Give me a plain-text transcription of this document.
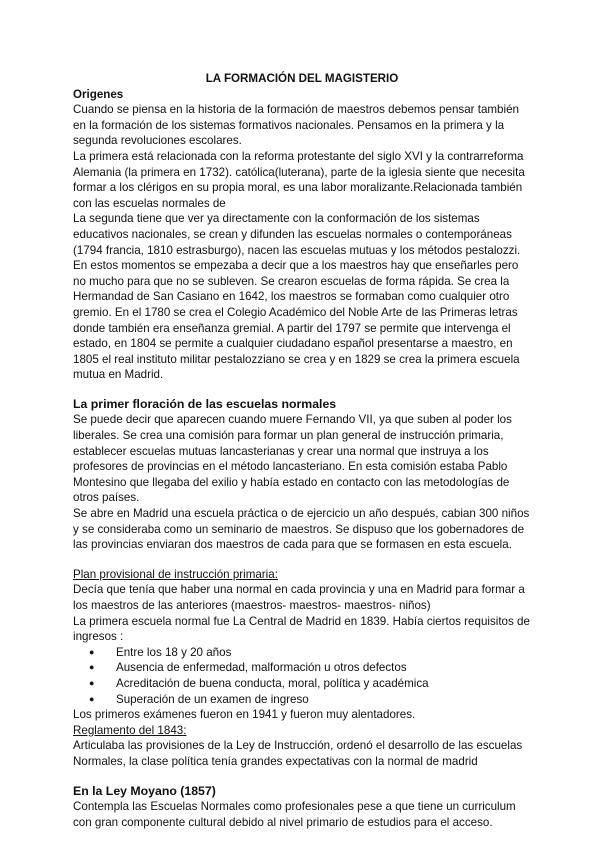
LA FORMACIÓN DEL MAGISTERIO

Origenes

Cuando se piensa en la historia de la formación de maestros debemos pensar también en la formación de los sistemas formativos nacionales. Pensamos en la primera y la segunda revoluciones escolares.

La primera está relacionada con la reforma protestante del siglo XVI y la contrarreforma Alemania (la primera en 1732). católica(luterana), parte de la iglesia siente que necesita formar a los clérigos en su propia moral, es una labor moralizante.Relacionada también con las escuelas normales de

La segunda tiene que ver ya directamente con la conformación de los sistemas educativos nacionales, se crean y difunden las escuelas normales o contemporáneas (1794 francia, 1810 estrasburgo), nacen las escuelas mutuas y los métodos pestalozzi.

En estos momentos se empezaba a decir que a los maestros hay que enseñarles pero no mucho para que no se subleven. Se crearon escuelas de forma rápida. Se crea la Hermandad de San Casiano en 1642, los maestros se formaban como cualquier otro gremio. En el 1780 se crea el Colegio Académico del Noble Arte de las Primeras letras donde también era enseñanza gremial. A partir del 1797 se permite que intervenga el estado, en 1804 se permite a cualquier ciudadano español presentarse a maestro, en 1805 el real instituto militar pestalozziano se crea y en 1829 se crea la primera escuela mutua en Madrid.

La primer floración de las escuelas normales

Se puede decir que aparecen cuando muere Fernando VII, ya que suben al poder los liberales. Se crea una comisión para formar un plan general de instrucción primaria, establecer escuelas mutuas lancasterianas y crear una normal que instruya a los profesores de provincias en el método lancasteriano. En esta comisión estaba Pablo Montesino que llegaba del exilio y había estado en contacto con las metodologías de otros países.

Se abre en Madrid una escuela práctica o de ejercicio un año después, cabian 300 niños y se consideraba como un seminario de maestros. Se dispuso que los gobernadores de las provincias enviaran dos maestros de cada para que se formasen en esta escuela.

Plan provisional de instrucción primaria:

Decía que tenía que haber una normal en cada provincia y una en Madrid para formar a los maestros de las anteriores (maestros- maestros- maestros- niños)

La primera escuela normal fue La Central de Madrid en 1839. Había ciertos requisitos de ingresos :

● Entre los 18 y 20 años
● Ausencia de enfermedad, malformación u otros defectos
● Acreditación de buena conducta, moral, política y académica
● Superación de un examen de ingreso

Los primeros exámenes fueron en 1941 y fueron muy alentadores.

Reglamento del 1843:

Articulaba las provisiones de la Ley de Instrucción, ordenó el desarrollo de las escuelas Normales, la clase política tenía grandes expectativas con la normal de madrid

En la Ley Moyano (1857)

Contempla las Escuelas Normales como profesionales pese a que tiene un curriculum con gran componente cultural debido al nivel primario de estudios para el acceso.
